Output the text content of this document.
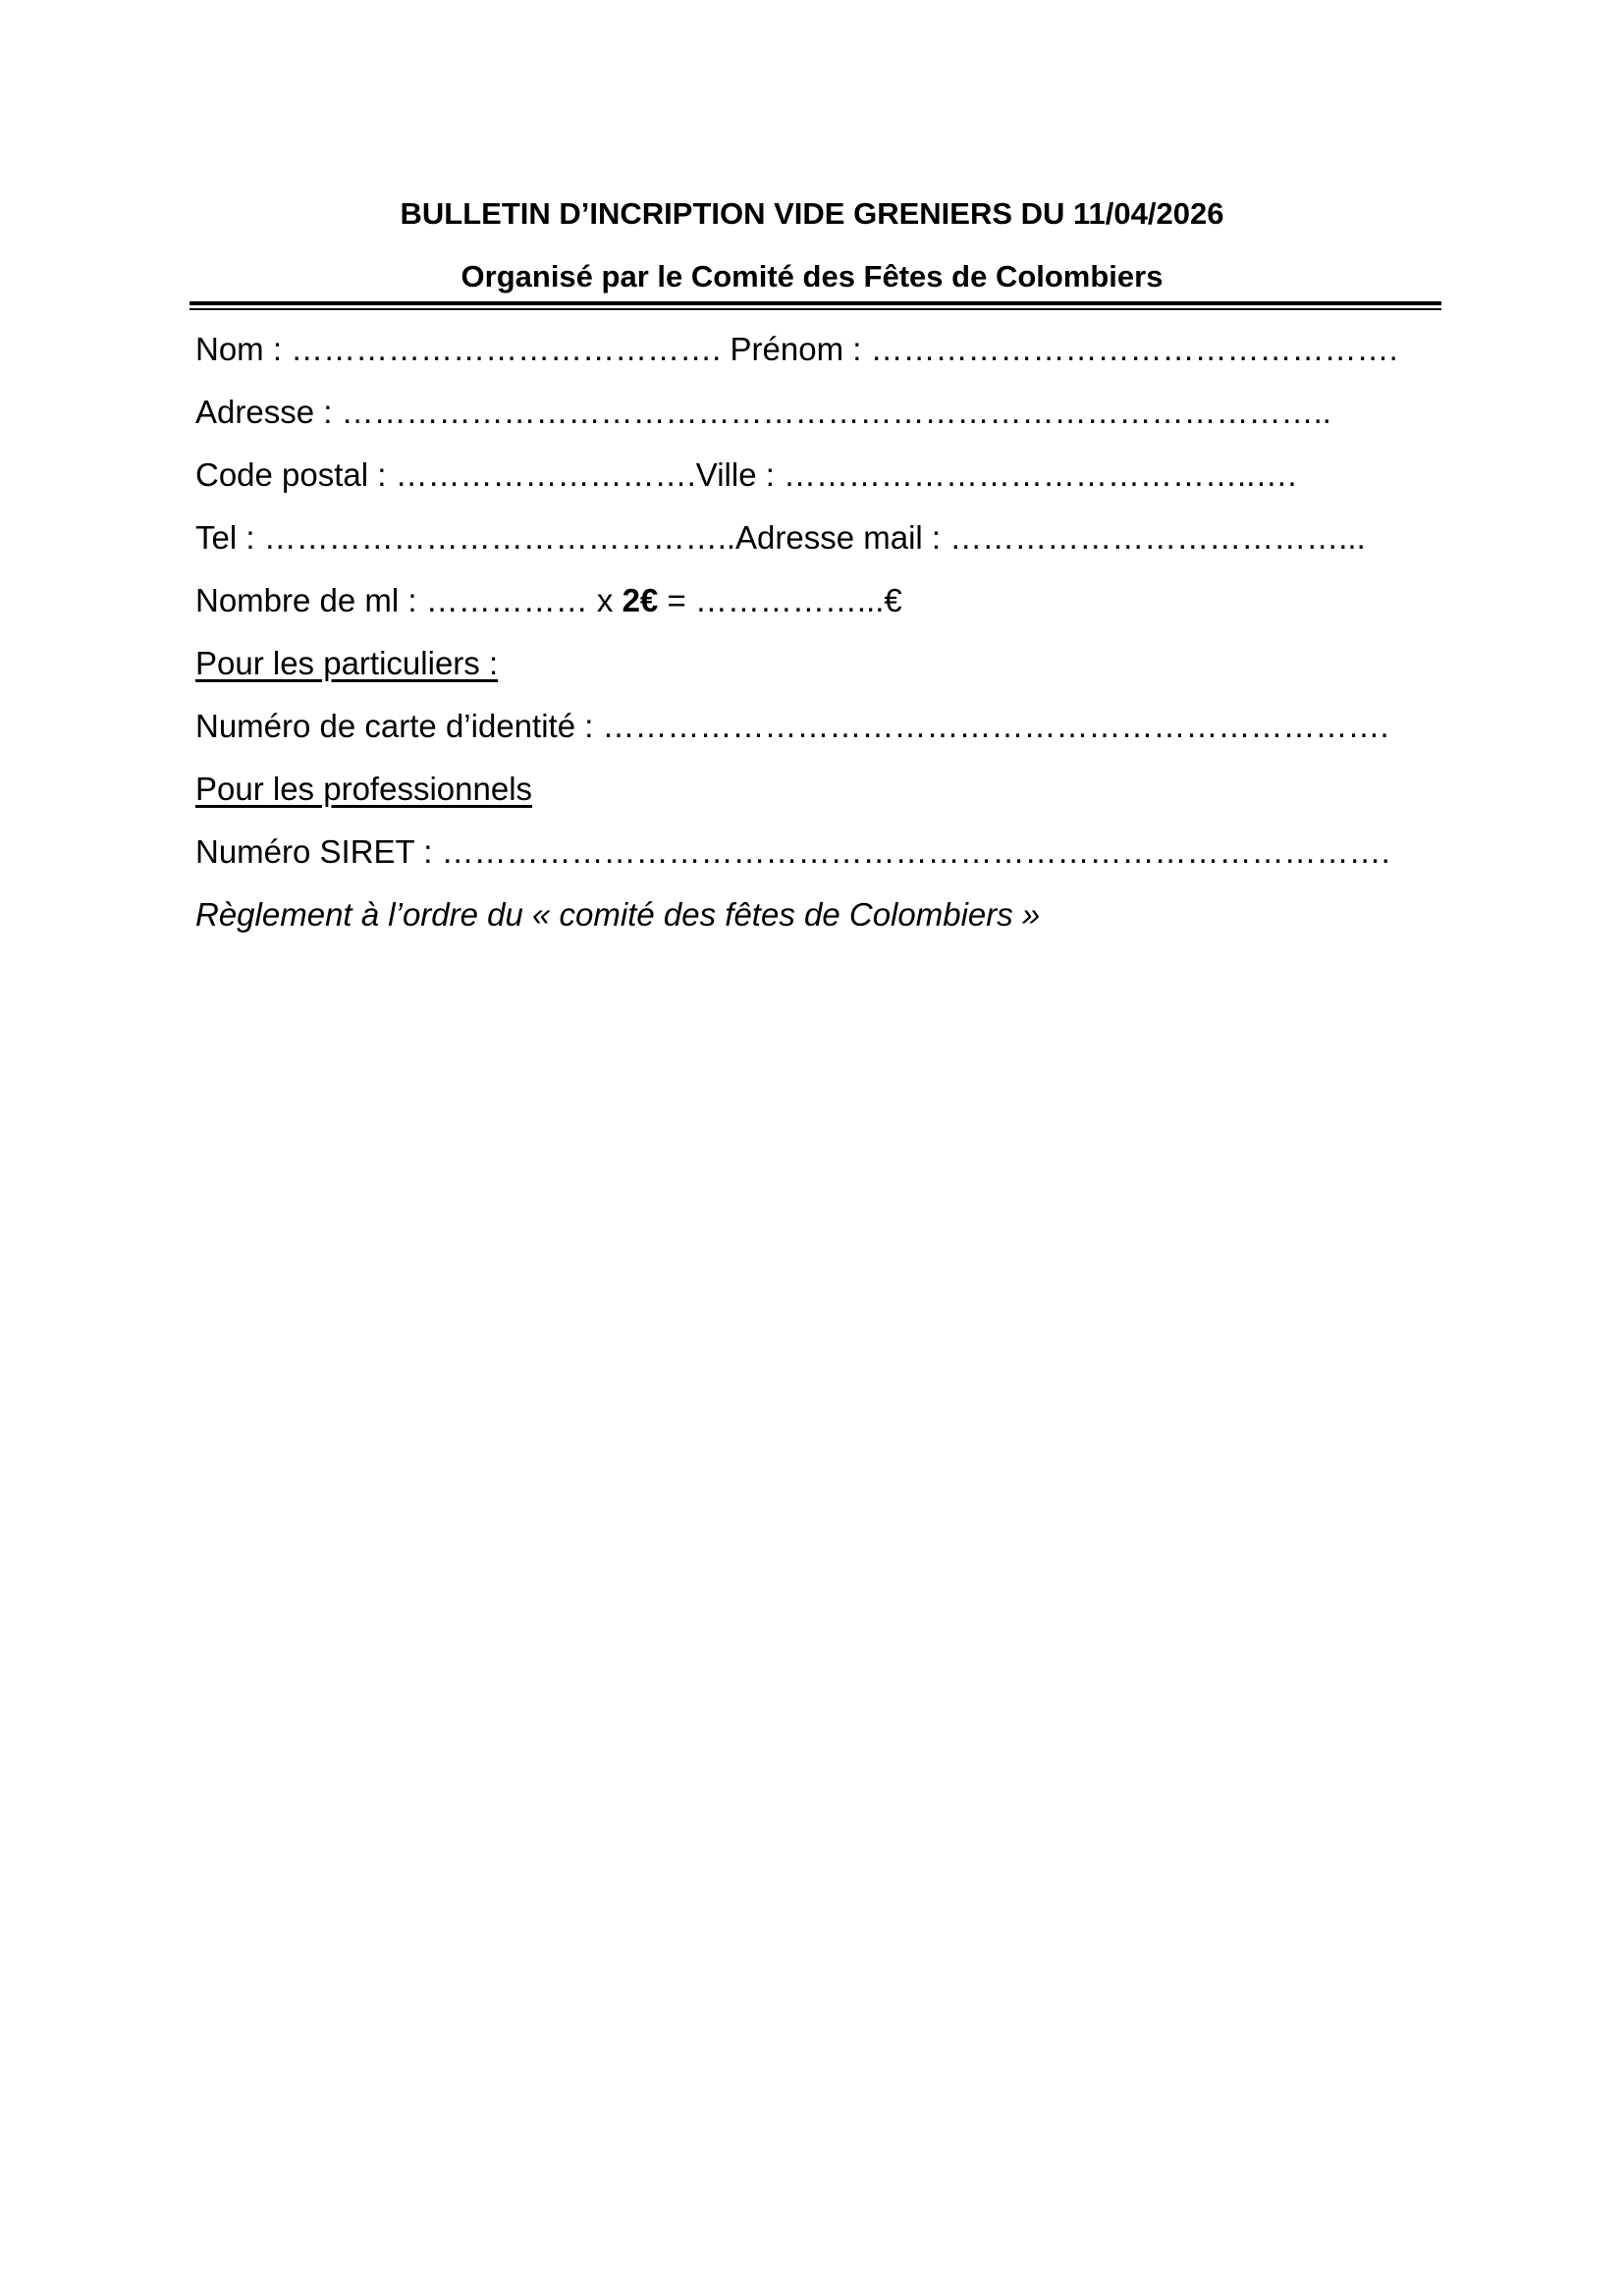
BULLETIN D’INCRIPTION VIDE GRENIERS DU 11/04/2026
Organisé par le Comité des Fêtes de Colombiers
Nom : …………………………………. Prénom : ………………………………………….
Adresse : ………………………………………………………………………………..
Code postal : ……………………….Ville : ……………………………………..….
Tel : ……………………………………..Adresse mail : ………………………………...
Nombre de ml : …………… x 2€ = ……………...€
Pour les particuliers :
Numéro de carte d’identité : ……………………………………………………………….
Pour les professionnels
Numéro SIRET : …………………………………………………………………………….
Règlement à l’ordre du « comité des fêtes de Colombiers »
